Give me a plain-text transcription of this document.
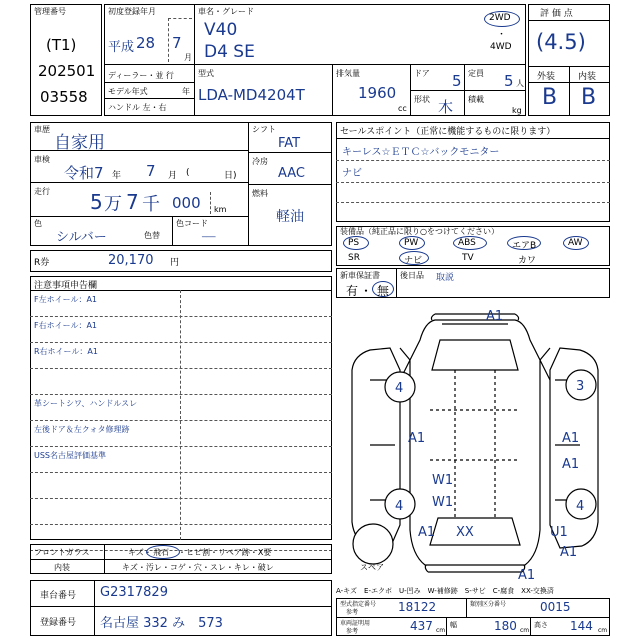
管理番号
(T1)
202501
03558
初度登録年月
平成 28 7
月
車名・グレード
V40
D4 SE
2WD
・
4WD
ディーラー・並 行
モデル年式	年
ハンドル 左・右
型式
LDA-MD4204T
排気量
1960
cc
ドア 5 定員 5 人
形状 木 積載
kg
評 価 点
(4.5)
外装	内装
B B
車歴
自家用
車検
令和7 年 7 月 (	日)
走行 5 万 7 千 000 km
色
シルバー	色替
色コード
___
シフト
FAT
冷房
AAC
燃料
軽油
セールスポイント（正常に機能するものに限ります）
キーレス☆ＥＴＣ☆バックモニター
ナビ
装備品（純正品に限り○をつけてください）
PS	PW	ABS	エアB	AW
SR	ナビ	TV	カワ
新車保証書
有 ・ 無
後日品 取説
R券	20,170 円
注意事項申告欄
F左ホイール：A1
F右ホイール：A1
R右ホイール：A1
革シートシワ、ハンドルスレ
左後ドア＆左クォタ修理跡
USS名古屋評価基準
A1
4	3
A1	A1
A1
W1
W1
4	4
A1 XX	U1
A1
A1
スペア
A-キズ　E-エクボ　U-凹み　W-補修跡　S-サビ　C-腐食　XX-交換済
フロントガラス	キズ・ 飛石 ・ヒビ割・リペア跡・X要
内装	キズ・汚レ・コゲ・穴・スレ・キレ・破レ
車台番号 G2317829
登録番号 名古屋 332 み　573
型式指定番号
参考	18122	類別区分番号	0015
車両証明用
参考	437 cm
幅	180 cm
高さ 144 cm
